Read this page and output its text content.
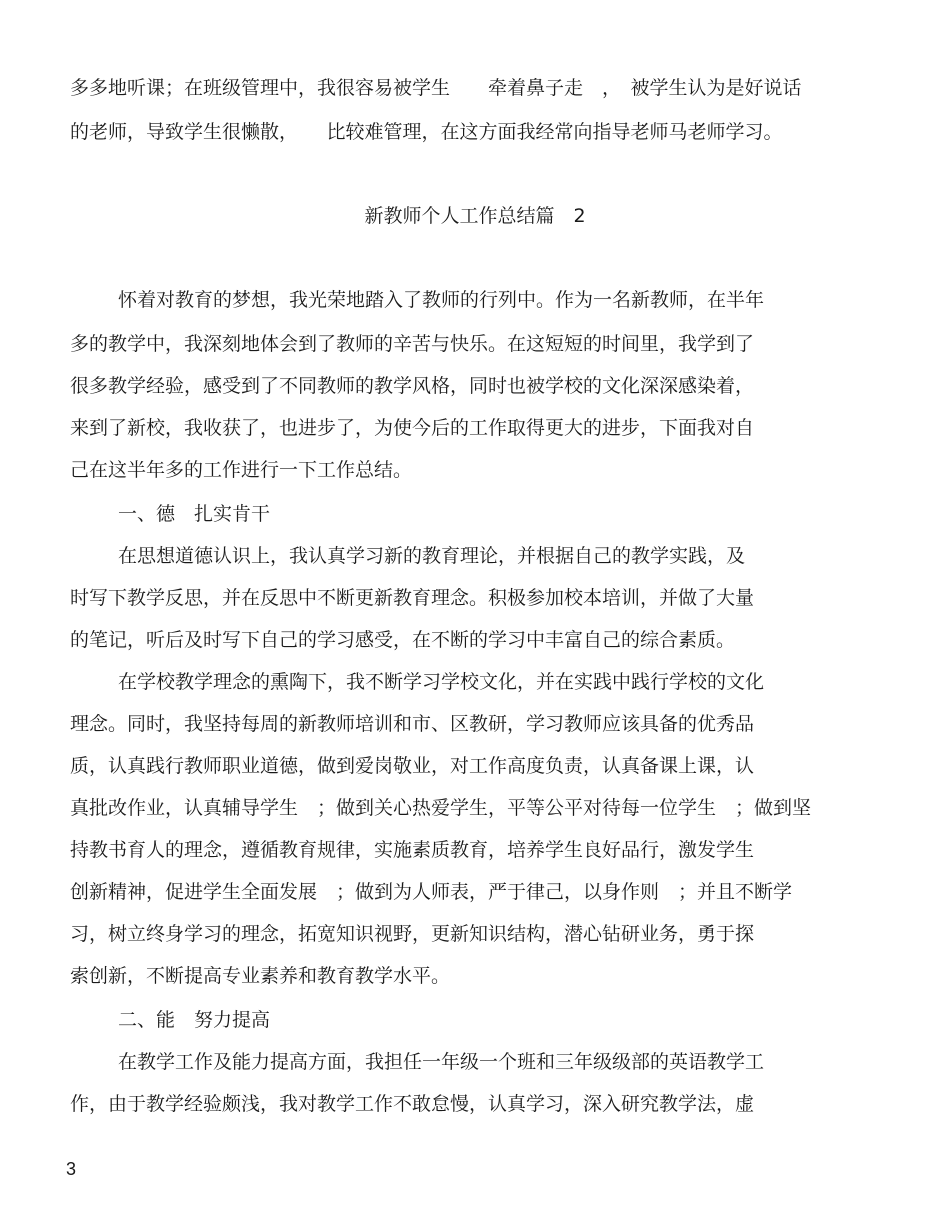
多多地听课；在班级管理中，我很容易被学生　　牵着鼻子走　，　被学生认为是好说话
的老师，导致学生很懒散，　　比较难管理，在这方面我经常向指导老师马老师学习。
新教师个人工作总结篇　2
怀着对教育的梦想，我光荣地踏入了教师的行列中。作为一名新教师，在半年
多的教学中，我深刻地体会到了教师的辛苦与快乐。在这短短的时间里，我学到了
很多教学经验，感受到了不同教师的教学风格，同时也被学校的文化深深感染着，
来到了新校，我收获了，也进步了，为使今后的工作取得更大的进步，下面我对自
己在这半年多的工作进行一下工作总结。
一、德　扎实肯干
在思想道德认识上，我认真学习新的教育理论，并根据自己的教学实践，及
时写下教学反思，并在反思中不断更新教育理念。积极参加校本培训，并做了大量
的笔记，听后及时写下自己的学习感受，在不断的学习中丰富自己的综合素质。
在学校教学理念的熏陶下，我不断学习学校文化，并在实践中践行学校的文化
理念。同时，我坚持每周的新教师培训和市、区教研，学习教师应该具备的优秀品
质，认真践行教师职业道德，做到爱岗敬业，对工作高度负责，认真备课上课，认
真批改作业，认真辅导学生　；做到关心热爱学生，平等公平对待每一位学生　；做到坚
持教书育人的理念，遵循教育规律，实施素质教育，培养学生良好品行，激发学生
创新精神，促进学生全面发展　；做到为人师表，严于律己，以身作则　；并且不断学
习，树立终身学习的理念，拓宽知识视野，更新知识结构，潜心钻研业务，勇于探
索创新，不断提高专业素养和教育教学水平。
二、能　努力提高
在教学工作及能力提高方面，我担任一年级一个班和三年级级部的英语教学工
作，由于教学经验颇浅，我对教学工作不敢怠慢，认真学习，深入研究教学法，虚
3
